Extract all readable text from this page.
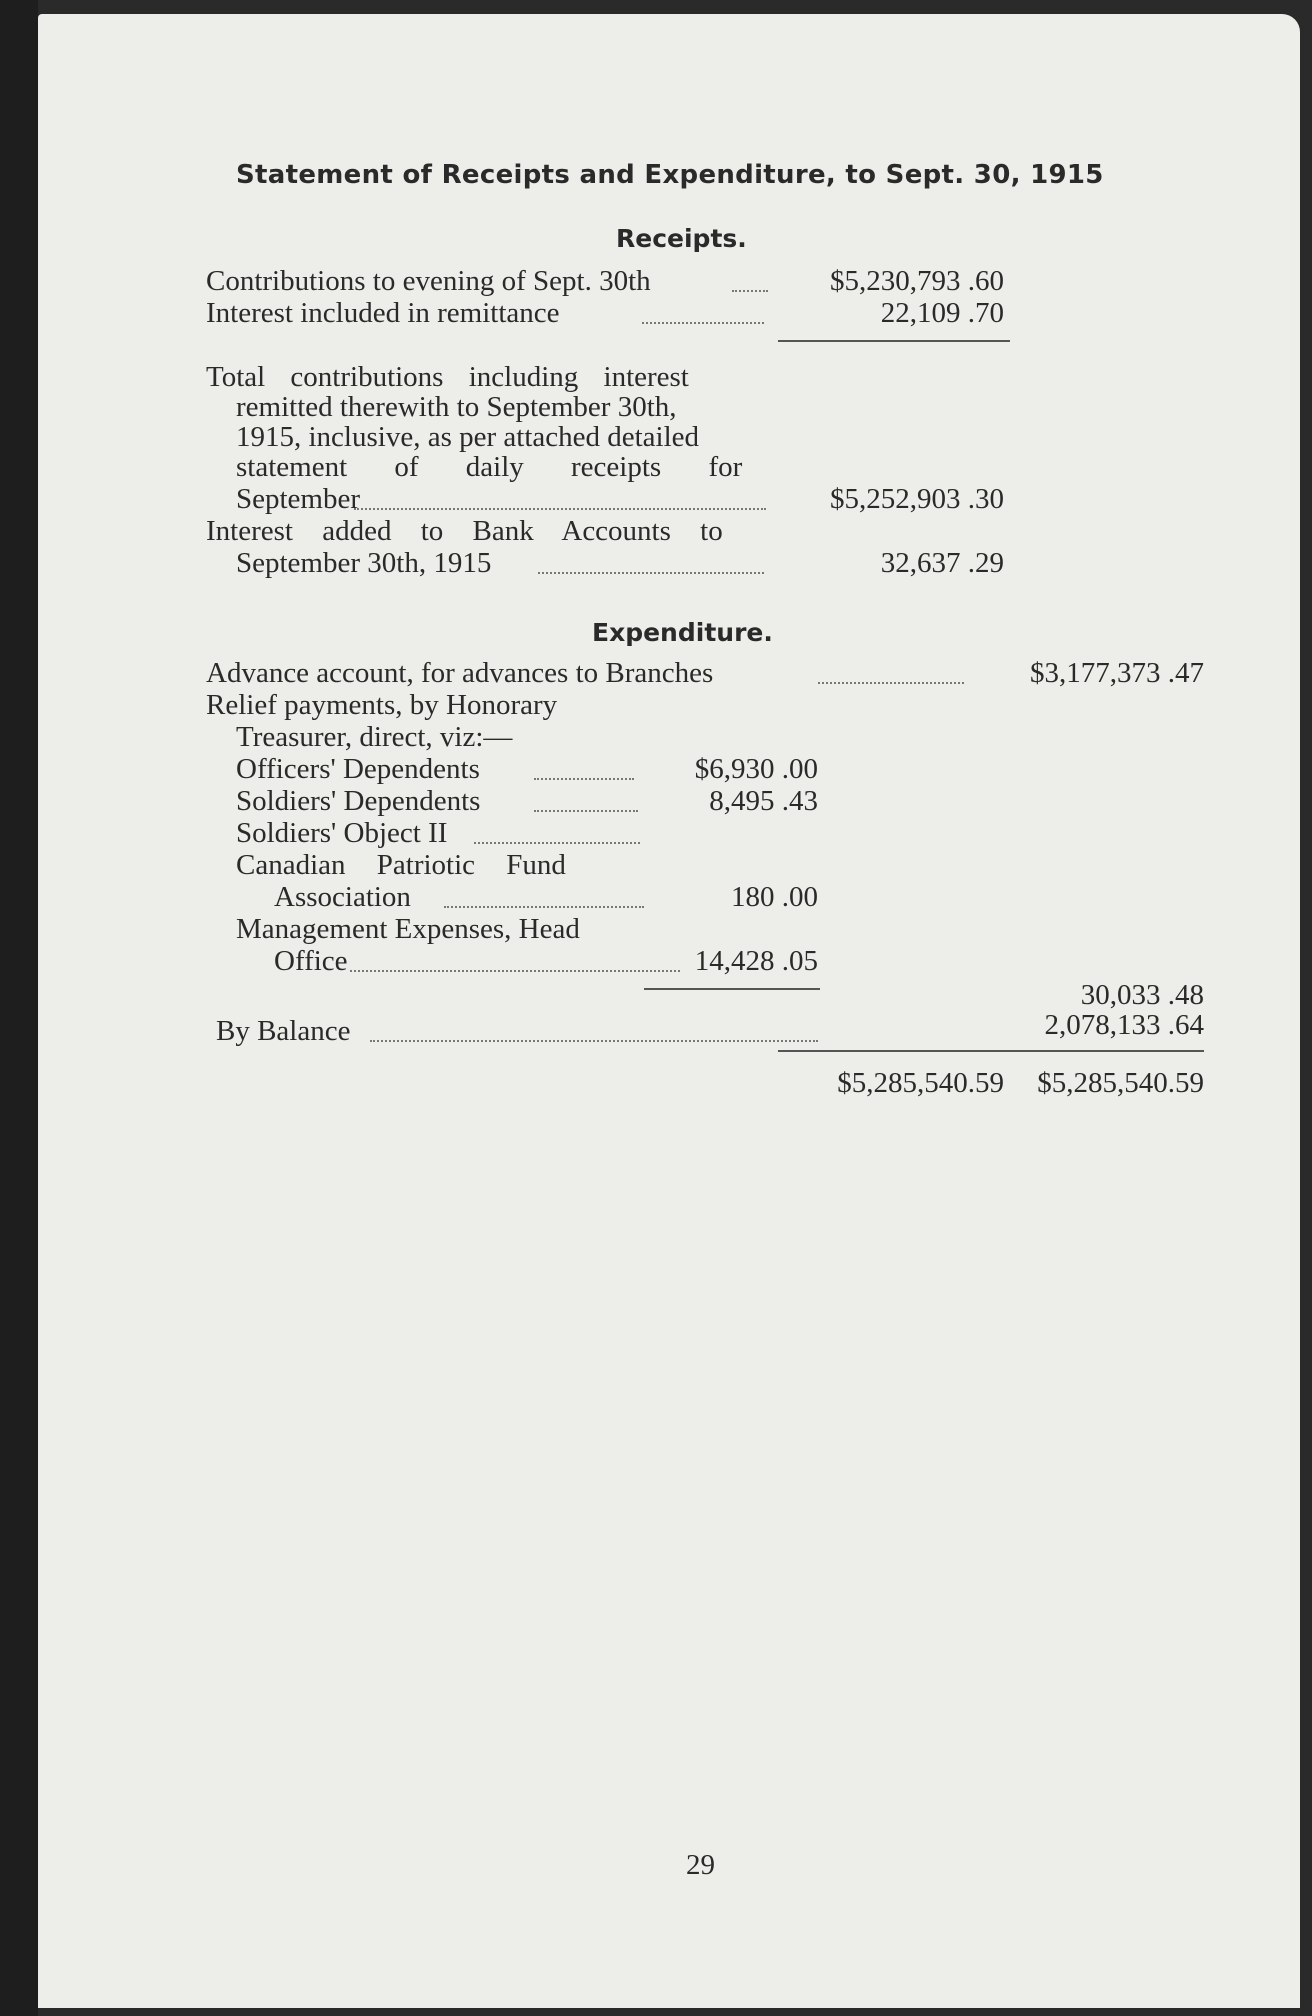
Statement of Receipts and Expenditure, to Sept. 30, 1915
Receipts.
Contributions to evening of Sept. 30th	$5,230,793 .60
Interest included in remittance	22,109 .70
Total contributions including interest
remitted therewith to September 30th,
1915, inclusive, as per attached detailed
statement of daily receipts for
September	$5,252,903 .30
Interest added to Bank Accounts to
September 30th, 1915	32,637 .29
Expenditure.
Advance account, for advances to Branches	$3,177,373 .47
Relief payments, by Honorary
Treasurer, direct, viz:—
Officers' Dependents	$6,930 .00
Soldiers' Dependents	8,495 .43
Soldiers' Object II
Canadian Patriotic Fund
Association	180 .00
Management Expenses, Head
Office	14,428 .05
30,033 .48
By Balance	2,078,133 .64
$5,285,540.59	$5,285,540.59
29
